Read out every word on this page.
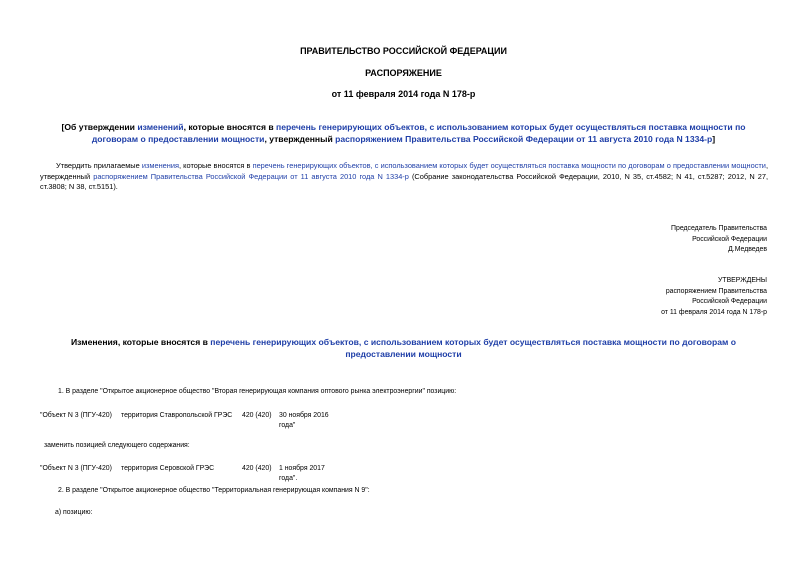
ПРАВИТЕЛЬСТВО РОССИЙСКОЙ ФЕДЕРАЦИИ
РАСПОРЯЖЕНИЕ
от 11 февраля 2014 года N 178-р
[Об утверждении изменений, которые вносятся в перечень генерирующих объектов, с использованием которых будет осуществляться поставка мощности по договорам о предоставлении мощности, утвержденный распоряжением Правительства Российской Федерации от 11 августа 2010 года N 1334-р]
Утвердить прилагаемые изменения, которые вносятся в перечень генерирующих объектов, с использованием которых будет осуществляться поставка мощности по договорам о предоставлении мощности, утвержденный распоряжением Правительства Российской Федерации от 11 августа 2010 года N 1334-р (Собрание законодательства Российской Федерации, 2010, N 35, ст.4582; N 41, ст.5287; 2012, N 27, ст.3808; N 38, ст.5151).
Председатель Правительства
Российской Федерации
Д.Медведев
УТВЕРЖДЕНЫ
распоряжением Правительства
Российской Федерации
от 11 февраля 2014 года N 178-р
Изменения, которые вносятся в перечень генерирующих объектов, с использованием которых будет осуществляться поставка мощности по договорам о предоставлении мощности
1. В разделе "Открытое акционерное общество "Вторая генерирующая компания оптового рынка электроэнергии" позицию:
"Объект N 3 (ПГУ-420) территория Ставропольской ГРЭС 420 (420) 30 ноября 2016
года"
заменить позицией следующего содержания:
"Объект N 3 (ПГУ-420) территория Серовской ГРЭС	420 (420) 1 ноября 2017
года".
2. В разделе "Открытое акционерное общество "Территориальная генерирующая компания N 9":
а) позицию:
